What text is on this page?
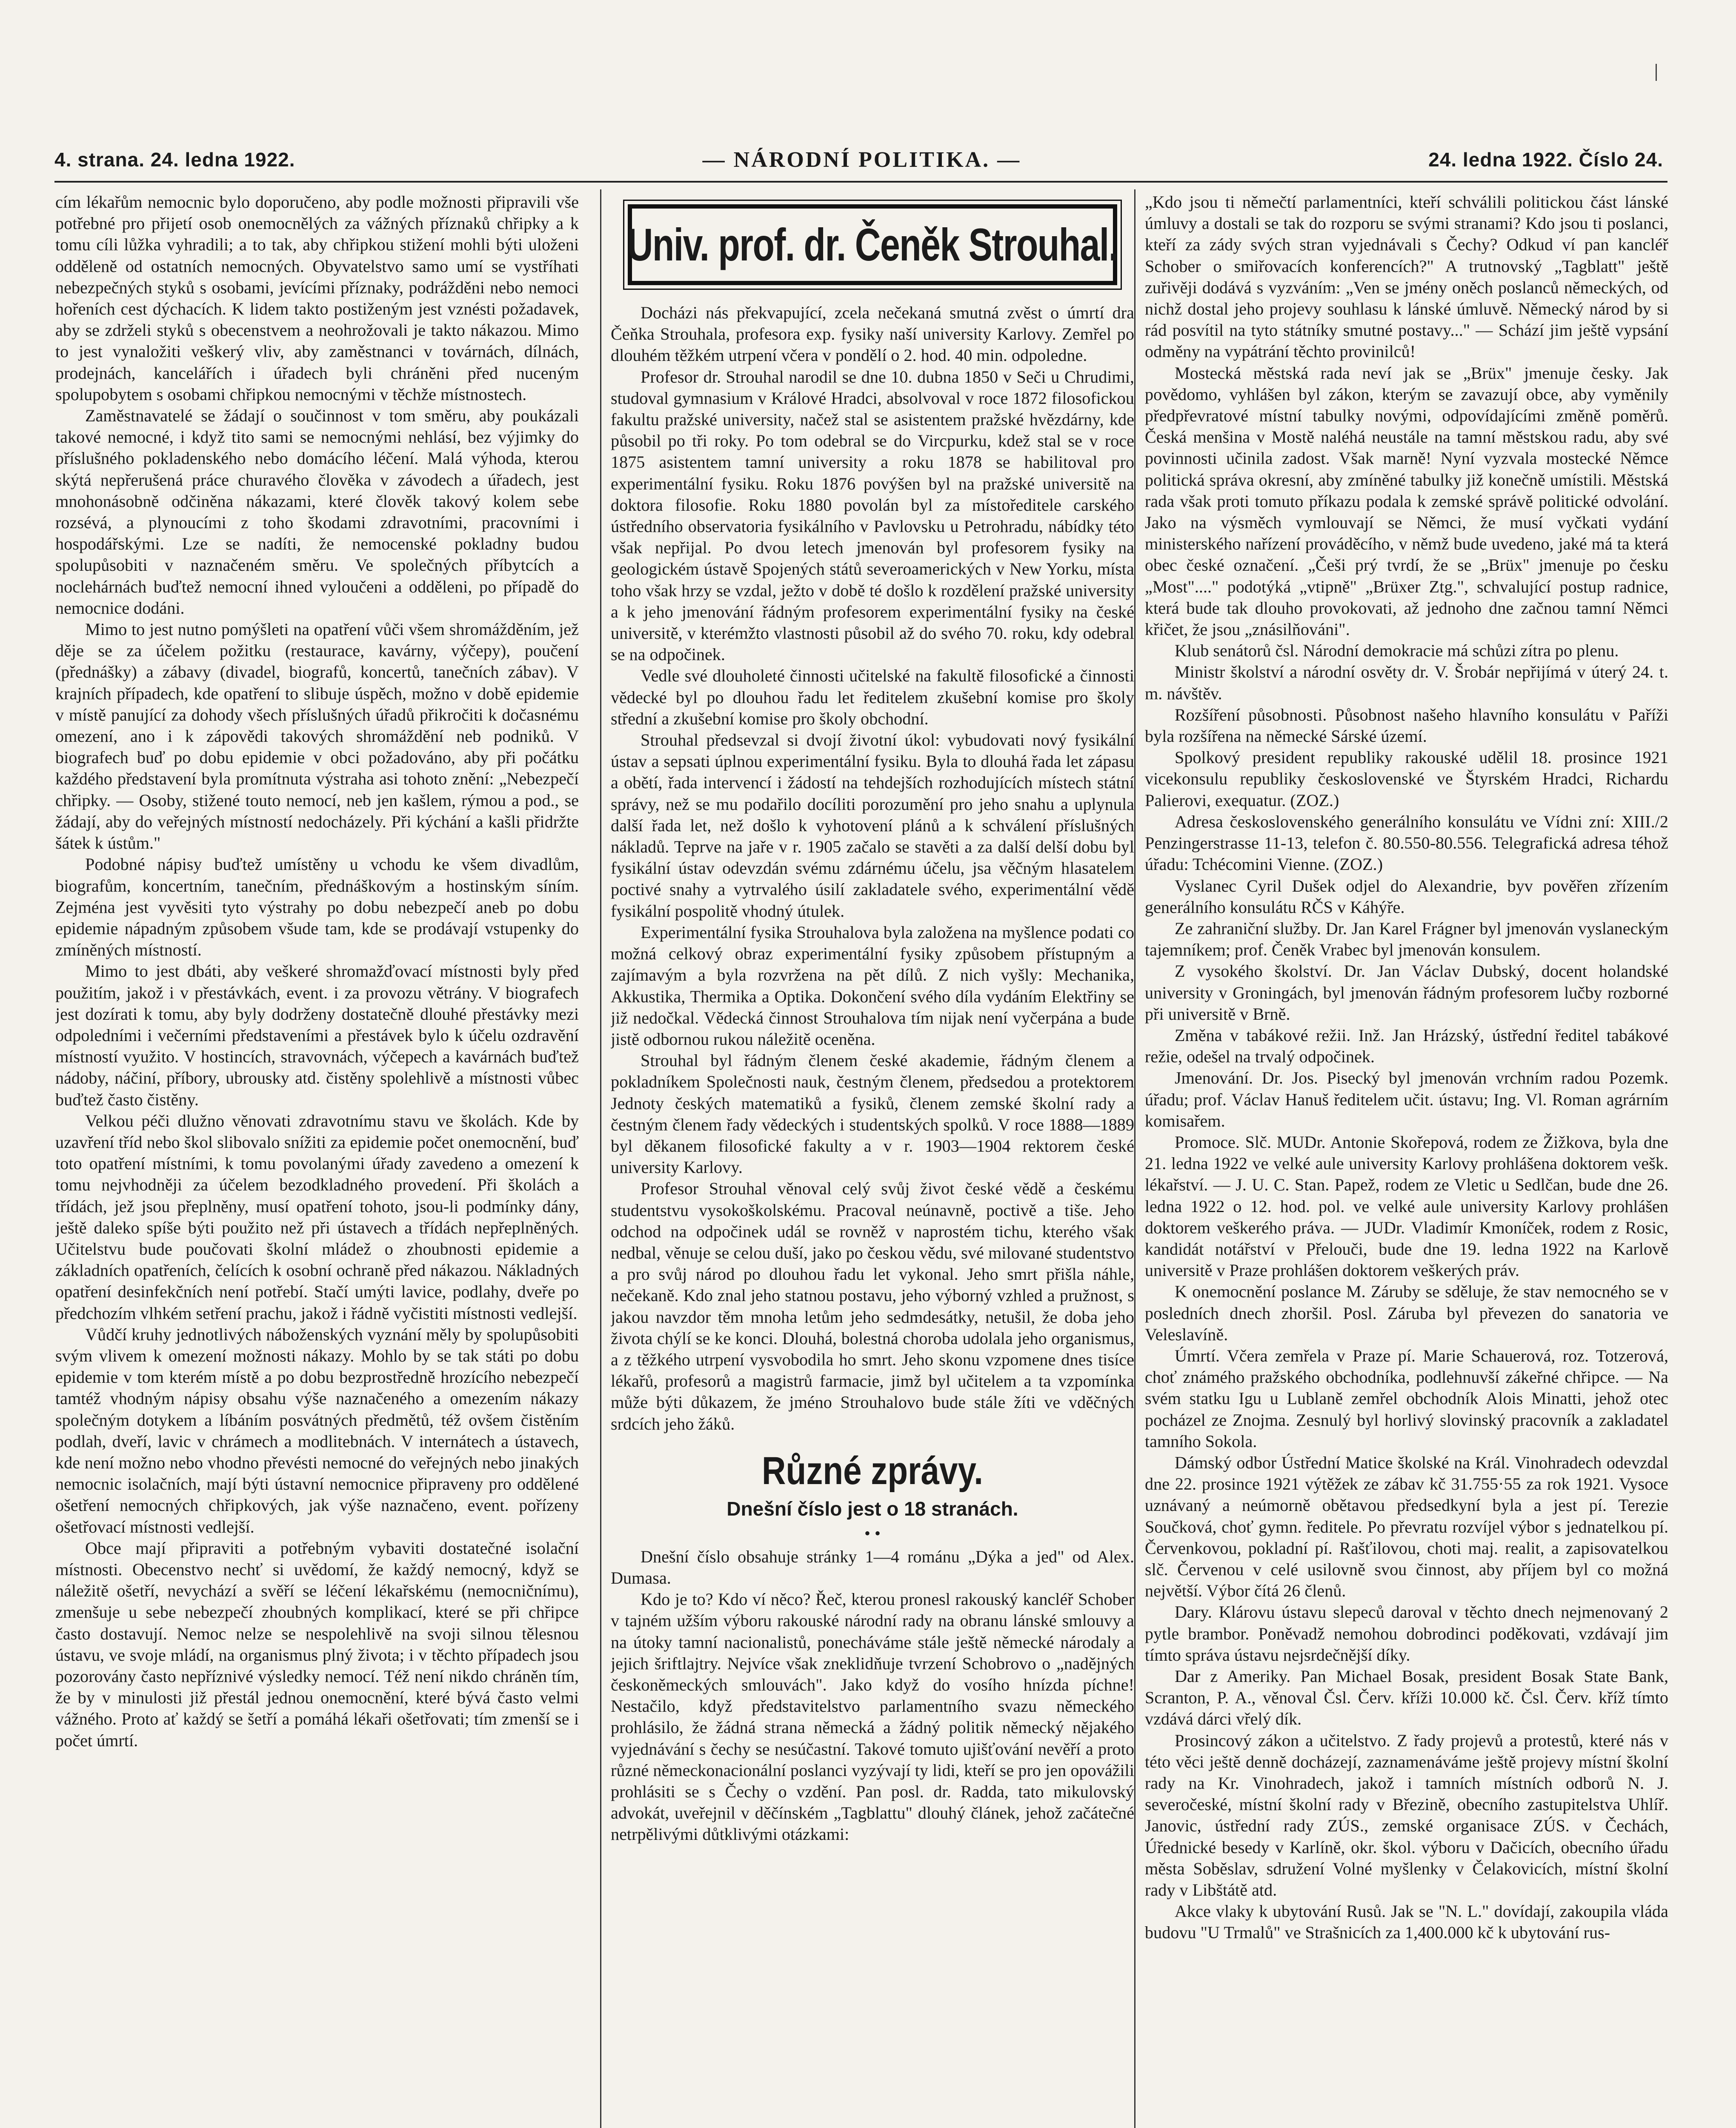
4. strana. 24. ledna 1922.	— NÁRODNÍ POLITIKA. —	24. ledna 1922. Číslo 24.

cím lékařům nemocnic bylo doporučeno, aby podle možnosti připravili vše potřebné pro přijetí osob onemocnělých za vážných příznaků chřipky a k tomu cíli lůžka vyhradili; a to tak, aby chřipkou stižení mohli býti uloženi odděleně od ostatních nemocných. Obyvatelstvo samo umí se vystříhati nebezpečných styků s osobami, jevícími příznaky, podrážděni nebo nemoci hořeních cest dýchacích. K lidem takto postiženým jest vznésti požadavek, aby se zdrželi styků s obecenstvem a neohrožovali je takto nákazou. Mimo to jest vynaložiti veškerý vliv, aby zaměstnanci v továrnách, dílnách, prodejnách, kancelářích i úřadech byli chráněni před nuceným spolupobytem s osobami chřipkou nemocnými v těchže místnostech.

Zaměstnavatelé se žádají o součinnost v tom směru, aby poukázali takové nemocné, i když tito sami se nemocnými nehlásí, bez výjimky do příslušného pokladenského nebo domácího léčení. Malá výhoda, kterou skýtá nepřerušená práce churavého člověka v závodech a úřadech, jest mnohonásobně odčiněna nákazami, které člověk takový kolem sebe rozsévá, a plynoucími z toho škodami zdravotními, pracovními i hospodářskými. Lze se nadíti, že nemocenské pokladny budou spolupůsobiti v naznačeném směru. Ve společných příbytcích a noclehárnách buďtež nemocní ihned vyloučeni a odděleni, po případě do nemocnice dodáni.

Mimo to jest nutno pomýšleti na opatření vůči všem shromážděním, jež děje se za účelem požitku (restaurace, kavárny, výčepy), poučení (přednášky) a zábavy (divadel, biografů, koncertů, tanečních zábav). V krajních případech, kde opatření to slibuje úspěch, možno v době epidemie v místě panující za dohody všech příslušných úřadů přikročiti k dočasnému omezení, ano i k zápovědi takových shromáždění neb podniků. V biografech buď po dobu epidemie v obci požadováno, aby při počátku každého představení byla promítnuta výstraha asi tohoto znění: „Nebezpečí chřipky. — Osoby, stižené touto nemocí, neb jen kašlem, rýmou a pod., se žádají, aby do veřejných místností nedocházely. Při kýchání a kašli přidržte šátek k ústům."

Podobné nápisy buďtež umístěny u vchodu ke všem divadlům, biografům, koncertním, tanečním, přednáškovým a hostinským síním. Zejména jest vyvěsiti tyto výstrahy po dobu nebezpečí aneb po dobu epidemie nápadným způsobem všude tam, kde se prodávají vstupenky do zmíněných místností.

Mimo to jest dbáti, aby veškeré shromažďovací místnosti byly před použitím, jakož i v přestávkách, event. i za provozu větrány. V biografech jest dozírati k tomu, aby byly dodrženy dostatečně dlouhé přestávky mezi odpoledními i večerními představeními a přestávek bylo k účelu ozdravění místností využito. V hostincích, stravovnách, výčepech a kavárnách buďtež nádoby, náčiní, příbory, ubrousky atd. čistěny spolehlivě a místnosti vůbec buďtež často čistěny.

Velkou péči dlužno věnovati zdravotnímu stavu ve školách. Kde by uzavření tříd nebo škol slibovalo snížiti za epidemie počet onemocnění, buď toto opatření místními, k tomu povolanými úřady zavedeno a omezení k tomu nejvhodněji za účelem bezodkladného provedení. Při školách a třídách, jež jsou přeplněny, musí opatření tohoto, jsou-li podmínky dány, ještě daleko spíše býti použito než při ústavech a třídách nepřeplněných. Učitelstvu bude poučovati školní mládež o zhoubnosti epidemie a základních opatřeních, čelících k osobní ochraně před nákazou. Nákladných opatření desinfekčních není potřebí. Stačí umýti lavice, podlahy, dveře po předchozím vlhkém setření prachu, jakož i řádně vyčistiti místnosti vedlejší.

Vůdčí kruhy jednotlivých náboženských vyznání měly by spolupůsobiti svým vlivem k omezení možnosti nákazy. Mohlo by se tak státi po dobu epidemie v tom kterém místě a po dobu bezprostředně hrozícího nebezpečí tamtéž vhodným nápisy obsahu výše naznačeného a omezením nákazy společným dotykem a líbáním posvátných předmětů, též ovšem čistěním podlah, dveří, lavic v chrámech a modlitebnách. V internátech a ústavech, kde není možno nebo vhodno převésti nemocné do veřejných nebo jinakých nemocnic isolačních, mají býti ústavní nemocnice připraveny pro oddělené ošetření nemocných chřipkových, jak výše naznačeno, event. pořízeny ošetřovací místnosti vedlejší.

Obce mají připraviti a potřebným vybaviti dostatečné isolační místnosti. Obecenstvo nechť si uvědomí, že každý nemocný, když se náležitě ošetří, nevychází a svěří se léčení lékařskému (nemocničnímu), zmenšuje u sebe nebezpečí zhoubných komplikací, které se při chřipce často dostavují. Nemoc nelze se nespolehlivě na svoji silnou tělesnou ústavu, ve svoje mládí, na organismus plný života; i v těchto případech jsou pozorovány často nepříznivé výsledky nemocí. Též není nikdo chráněn tím, že by v minulosti již přestál jednou onemocnění, které bývá často velmi vážného. Proto ať každý se šetří a pomáhá lékaři ošetřovati; tím zmenší se i počet úmrtí.

Univ. prof. dr. Čeněk Strouhal.

Docházi nás překvapující, zcela nečekaná smutná zvěst o úmrtí dra Čeňka Strouhala, profesora exp. fysiky naší university Karlovy. Zemřel po dlouhém těžkém utrpení včera v pondělí o 2. hod. 40 min. odpoledne.

Profesor dr. Strouhal narodil se dne 10. dubna 1850 v Seči u Chrudimi, studoval gymnasium v Králové Hradci, absolvoval v roce 1872 filosofickou fakultu pražské university, načež stal se asistentem pražské hvězdárny, kde působil po tři roky. Po tom odebral se do Vircpurku, kdež stal se v roce 1875 asistentem tamní university a roku 1878 se habilitoval pro experimentální fysiku. Roku 1876 povýšen byl na pražské universitě na doktora filosofie. Roku 1880 povolán byl za místoředitele carského ústředního observatoria fysikálního v Pavlovsku u Petrohradu, nábídky této však nepřijal. Po dvou letech jmenován byl profesorem fysiky na geologickém ústavě Spojených států severoamerických v New Yorku, místa toho však hrzy se vzdal, ježto v době té došlo k rozdělení pražské university a k jeho jmenování řádným profesorem experimentální fysiky na české universitě, v kterémžto vlastnosti působil až do svého 70. roku, kdy odebral se na odpočinek.

Vedle své dlouholeté činnosti učitelské na fakultě filosofické a činnosti vědecké byl po dlouhou řadu let ředitelem zkušební komise pro školy střední a zkušební komise pro školy obchodní.

Strouhal předsevzal si dvojí životní úkol: vybudovati nový fysikální ústav a sepsati úplnou experimentální fysiku. Byla to dlouhá řada let zápasu a obětí, řada intervencí i žádostí na tehdejších rozhodujících místech státní správy, než se mu podařilo docíliti porozumění pro jeho snahu a uplynula další řada let, než došlo k vyhotovení plánů a k schválení příslušných nákladů. Teprve na jaře v r. 1905 začalo se stavěti a za další delší dobu byl fysikální ústav odevzdán svému zdárnému účelu, jsa věčným hlasatelem poctivé snahy a vytrvalého úsilí zakladatele svého, experimentální vědě fysikální pospolitě vhodný útulek.

Experimentální fysika Strouhalova byla založena na myšlence podati co možná celkový obraz experimentální fysiky způsobem přístupným a zajímavým a byla rozvržena na pět dílů. Z nich vyšly: Mechanika, Akkustika, Thermika a Optika. Dokončení svého díla vydáním Elektřiny se již nedočkal. Vědecká činnost Strouhalova tím nijak není vyčerpána a bude jistě odbornou rukou náležitě oceněna.

Strouhal byl řádným členem české akademie, řádným členem a pokladníkem Společnosti nauk, čestným členem, předsedou a protektorem Jednoty českých matematiků a fysiků, členem zemské školní rady a čestným členem řady vědeckých i studentských spolků. V roce 1888—1889 byl děkanem filosofické fakulty a v r. 1903—1904 rektorem české university Karlovy.

Profesor Strouhal věnoval celý svůj život české vědě a českému studentstvu vysokoškolskému. Pracoval neúnavně, poctivě a tiše. Jeho odchod na odpočinek udál se rovněž v naprostém tichu, kterého však nedbal, věnuje se celou duší, jako po českou vědu, své milované studentstvo a pro svůj národ po dlouhou řadu let vykonal. Jeho smrt přišla náhle, nečekaně. Kdo znal jeho statnou postavu, jeho výborný vzhled a pružnost, s jakou navzdor těm mnoha letům jeho sedmdesátky, netušil, že doba jeho života chýlí se ke konci. Dlouhá, bolestná choroba udolala jeho organismus, a z těžkého utrpení vysvobodila ho smrt. Jeho skonu vzpomene dnes tisíce lékařů, profesorů a magistrů farmacie, jimž byl učitelem a ta vzpomínka může býti důkazem, že jméno Strouhalovo bude stále žíti ve vděčných srdcích jeho žáků.

Různé zprávy.
Dnešní číslo jest o 18 stranách.
• •

Dnešní číslo obsahuje stránky 1—4 románu „Dýka a jed" od Alex. Dumasa.

Kdo je to? Kdo ví něco? Řeč, kterou pronesl rakouský kancléř Schober v tajném užším výboru rakouské národní rady na obranu lánské smlouvy a na útoky tamní nacionalistů, ponecháváme stále ještě německé národaly a jejich šriftlajtry. Nejvíce však zneklidňuje tvrzení Schobrovo o „nadějných českoněmeckých smlouvách". Jako když do vosího hnízda píchne! Nestačilo, když představitelstvo parlamentního svazu německého prohlásilo, že žádná strana německá a žádný politik německý nějakého vyjednávání s čechy se nesúčastní. Takové tomuto ujišťování nevěří a proto různé německonacionální poslanci vyzývají ty lidi, kteří se pro jen opovážili prohlásiti se s Čechy o vzdění. Pan posl. dr. Radda, tato mikulovský advokát, uveřejnil v děčínském „Tagblattu" dlouhý článek, jehož začátečné netrpělivými důtklivými otázkami:

„Kdo jsou ti němečtí parlamentníci, kteří schválili politickou část lánské úmluvy a dostali se tak do rozporu se svými stranami? Kdo jsou ti poslanci, kteří za zády svých stran vyjednávali s Čechy? Odkud ví pan kancléř Schober o smiřovacích konferencích?" A trutnovský „Tagblatt" ještě zuřivěji dodává s vyzváním: „Ven se jmény oněch poslanců německých, od nichž dostal jeho projevy souhlasu k lánské úmluvě. Německý národ by si rád posvítil na tyto státníky smutné postavy..." — Schází jim ještě vypsání odměny na vypátrání těchto provinilců!

Mostecká městská rada neví jak se „Brüx" jmenuje česky. Jak povědomo, vyhlášen byl zákon, kterým se zavazují obce, aby vyměnily předpřevratové místní tabulky novými, odpovídajícími změně poměrů. Česká menšina v Mostě naléhá neustále na tamní městskou radu, aby své povinnosti učinila zadost. Však marně! Nyní vyzvala mostecké Němce politická správa okresní, aby zmíněné tabulky již konečně umístili. Městská rada však proti tomuto příkazu podala k zemské správě politické odvolání. Jako na výsměch vymlouvají se Němci, že musí vyčkati vydání ministerského nařízení prováděcího, v němž bude uvedeno, jaké má ta která obec české označení. „Češi prý tvrdí, že se „Brüx" jmenuje po česku „Most"...." podotýká „vtipně" „Brüxer Ztg.", schvalující postup radnice, která bude tak dlouho provokovati, až jednoho dne začnou tamní Němci křičet, že jsou „znásilňováni".

Klub senátorů čsl. Národní demokracie má schůzi zítra po plenu.

Ministr školství a národní osvěty dr. V. Šrobár nepřijímá v úterý 24. t. m. návštěv.

Rozšíření působnosti. Působnost našeho hlavního konsulátu v Paříži byla rozšířena na německé Sárské území.

Spolkový president republiky rakouské udělil 18. prosince 1921 vicekonsulu republiky československé ve Štyrském Hradci, Richardu Palierovi, exequatur. (ZOZ.)

Adresa československého generálního konsulátu ve Vídni zní: XIII./2 Penzingerstrasse 11-13, telefon č. 80.550-80.556. Telegrafická adresa téhož úřadu: Tchécomini Vienne. (ZOZ.)

Vyslanec Cyril Dušek odjel do Alexandrie, byv pověřen zřízením generálního konsulátu RČS v Káhýře.

Ze zahraniční služby. Dr. Jan Karel Frágner byl jmenován vyslaneckým tajemníkem; prof. Čeněk Vrabec byl jmenován konsulem.

Z vysokého školství. Dr. Jan Václav Dubský, docent holandské university v Groningách, byl jmenován řádným profesorem lučby rozborné při universitě v Brně.

Změna v tabákové režii. Inž. Jan Hrázský, ústřední ředitel tabákové režie, odešel na trvalý odpočinek.

Jmenování. Dr. Jos. Pisecký byl jmenován vrchním radou Pozemk. úřadu; prof. Václav Hanuš ředitelem učit. ústavu; Ing. Vl. Roman agrárním komisařem.

Promoce. Slč. MUDr. Antonie Skořepová, rodem ze Žižkova, byla dne 21. ledna 1922 ve velké aule university Karlovy prohlášena doktorem vešk. lékařství. — J. U. C. Stan. Papež, rodem ze Vletic u Sedlčan, bude dne 26. ledna 1922 o 12. hod. pol. ve velké aule university Karlovy prohlášen doktorem veškerého práva. — JUDr. Vladimír Kmoníček, rodem z Rosic, kandidát notářství v Přelouči, bude dne 19. ledna 1922 na Karlově universitě v Praze prohlášen doktorem veškerých práv.

K onemocnění poslance M. Záruby se sděluje, že stav nemocného se v posledních dnech zhoršil. Posl. Záruba byl převezen do sanatoria ve Veleslavíně.

Úmrtí. Včera zemřela v Praze pí. Marie Schauerová, roz. Totzerová, choť známého pražského obchodníka, podlehnuvší zákeřné chřipce. — Na svém statku Igu u Lublaně zemřel obchodník Alois Minatti, jehož otec pocházel ze Znojma. Zesnulý byl horlivý slovinský pracovník a zakladatel tamního Sokola.

Dámský odbor Ústřední Matice školské na Král. Vinohradech odevzdal dne 22. prosince 1921 výtěžek ze zábav kč 31.755·55 za rok 1921. Vysoce uznávaný a neúmorně obětavou předsedkyní byla a jest pí. Terezie Součková, choť gymn. ředitele. Po převratu rozvíjel výbor s jednatelkou pí. Červenkovou, pokladní pí. Rašťilovou, choti maj. realit, a zapisovatelkou slč. Červenou v celé usilovně svou činnost, aby příjem byl co možná největší. Výbor čítá 26 členů.

Dary. Klárovu ústavu slepeců daroval v těchto dnech nejmenovaný 2 pytle brambor. Poněvadž nemohou dobrodinci poděkovati, vzdávají jim tímto správa ústavu nejsrdečnější díky.

Dar z Ameriky. Pan Michael Bosak, president Bosak State Bank, Scranton, P. A., věnoval Čsl. Červ. kříži 10.000 kč. Čsl. Červ. kříž tímto vzdává dárci vřelý dík.

Prosincový zákon a učitelstvo. Z řady projevů a protestů, které nás v této věci ještě denně docházejí, zaznamenáváme ještě projevy místní školní rady na Kr. Vinohradech, jakož i tamních místních odborů N. J. severočeské, místní školní rady v Březině, obecního zastupitelstva Uhlíř. Janovic, ústřední rady ZÚS., zemské organisace ZÚS. v Čechách, Úřednické besedy v Karlíně, okr. škol. výboru v Dačicích, obecního úřadu města Soběslav, sdružení Volné myšlenky v Čelakovicích, místní školní rady v Libštátě atd.

Akce vlaky k ubytování Rusů. Jak se "N. L." dovídají, zakoupila vláda budovu "U Trmalů" ve Strašnicích za 1,400.000 kč k ubytování rus-
